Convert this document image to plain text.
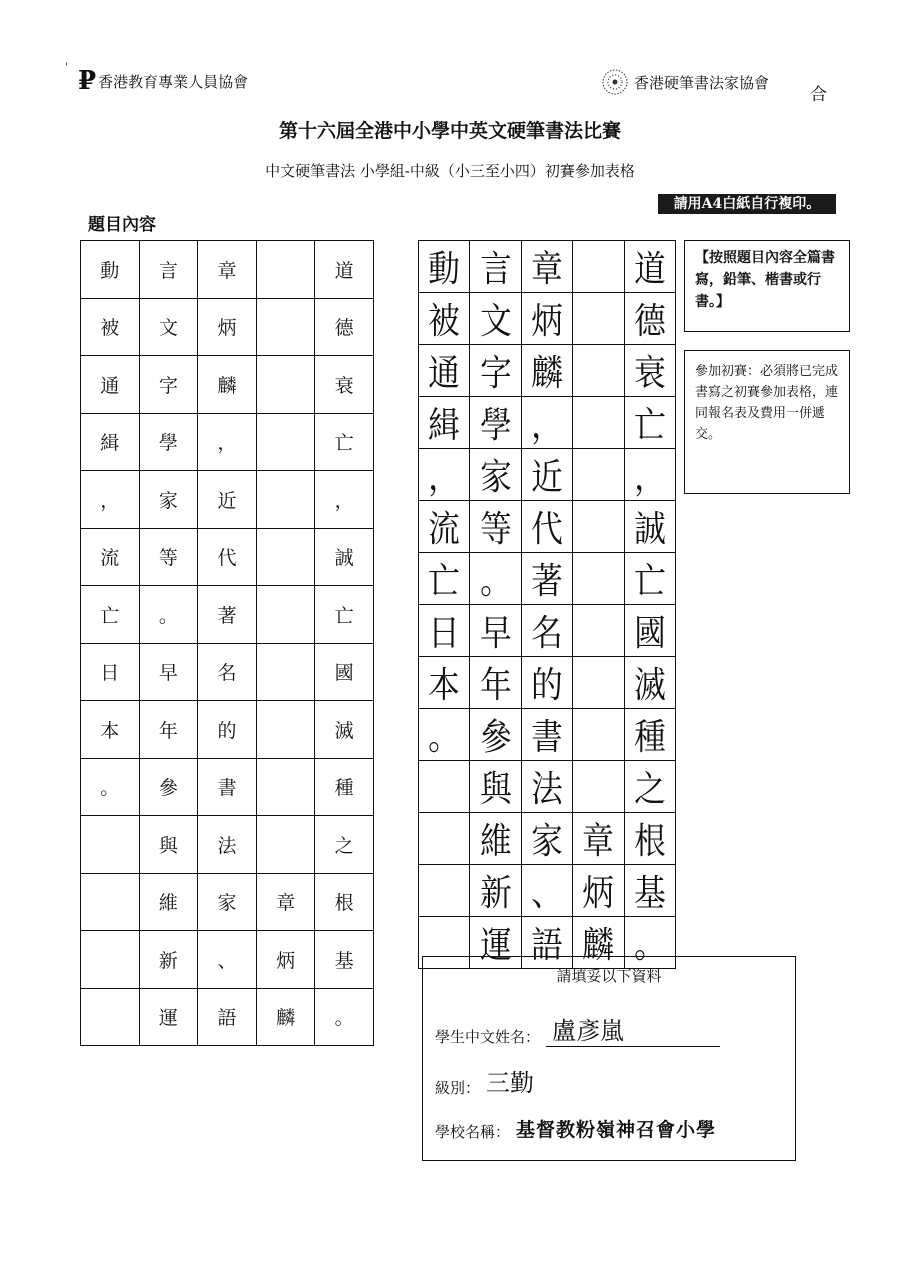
' ₽ 香港教育專業人員協會	香港硬筆書法家協會
合
第十六屆全港中小學中英文硬筆書法比賽
中文硬筆書法 小學組-中級（小三至小四）初賽參加表格
請用A4白紙自行複印。
題目內容
動	言	章		道
被	文	炳		德
通	字	麟		衰
緝	學	，		亡
，	家	近		，
流	等	代		誠
亡	。	著		亡
日	早	名		國
本	年	的		滅
。	參	書		種
	與	法		之
	維	家	章	根
	新	、	炳	基
	運	語	麟	。
動	言	章		道
被	文	炳		德
通	字	麟		衰
緝	學	，		亡
，	家	近		，
流	等	代		誠
亡	。	著		亡
日	早	名		國
本	年	的		滅
。	參	書		種
	與	法		之
	維	家	章	根
	新	、	炳	基
	運	語	麟	。
【按照題目內容全篇書寫，鉛筆、楷書或行書。】
參加初賽：必須將已完成書寫之初賽參加表格，連同報名表及費用一併遞交。
請填妥以下資料
學生中文姓名： 盧彥嵐
級別： 三勤
學校名稱： 基督教粉嶺神召會小學
